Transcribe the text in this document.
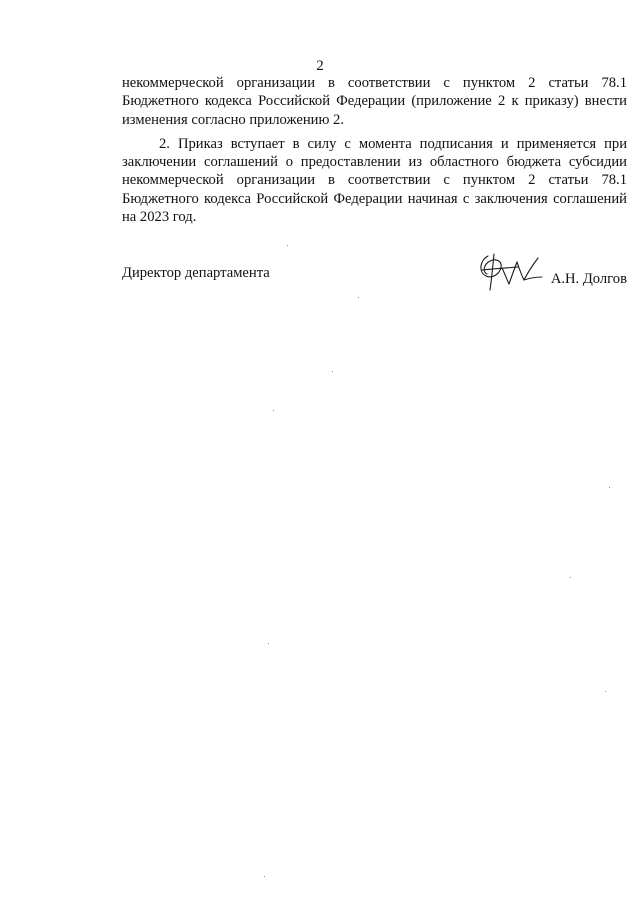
2

некоммерческой организации в соответствии с пунктом 2 статьи 78.1 Бюджетного кодекса Российской Федерации (приложение 2 к приказу) внести изменения согласно приложению 2.

2. Приказ вступает в силу с момента подписания и применяется при заключении соглашений о предоставлении из областного бюджета субсидии некоммерческой организации в соответствии с пунктом 2 статьи 78.1 Бюджетного кодекса Российской Федерации начиная с заключения соглашений на 2023 год.

Директор департамента	А.Н. Долгов
